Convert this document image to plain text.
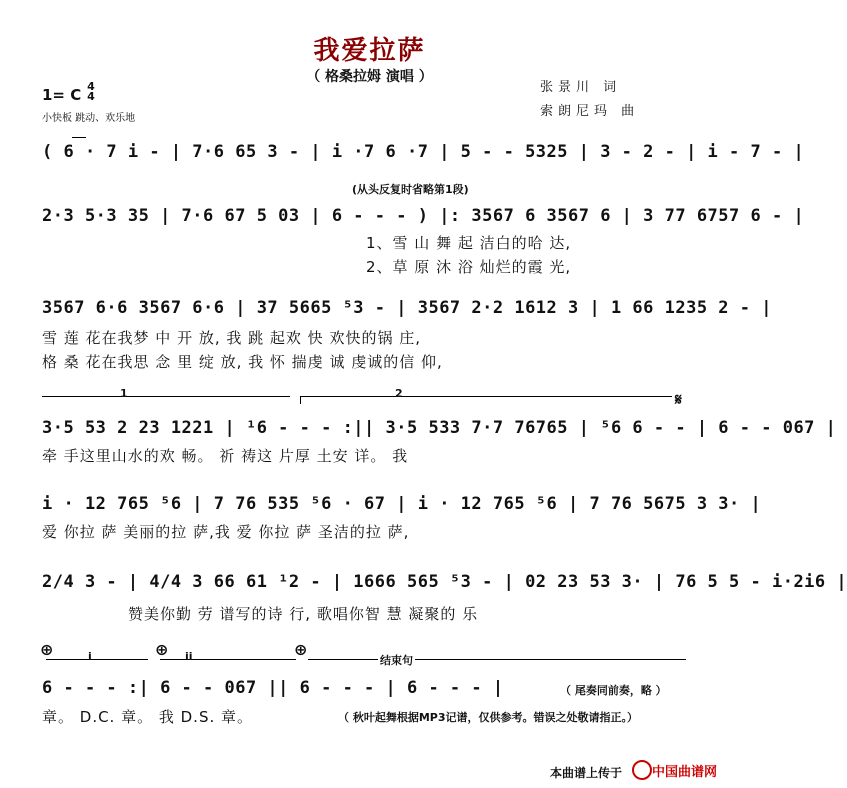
我爱拉萨
（ 格桑拉姆 演唱 ）
1= C 4
4
小快板 跳动、欢乐地
张景川 词
索朗尼玛 曲
( 6 · 7 i - | 7·6 65 3 - | i ·7 6 ·7 | 5 - - 5325 | 3 - 2 - | i - 7 - |
(从头反复时省略第1段)
2·3 5·3 35 | 7·6 67 5 03 | 6 - - - ) |: 3567 6 3567 6 | 3 77 6757 6 - |
1、雪 山 舞 起 洁白的哈 达,
2、草 原 沐 浴 灿烂的霞 光,
3567 6·6 3567 6·6 | 37 5665 ⁵3 - | 3567 2·2 1612 3 | 1 66 1235 2 - |
雪 莲 花在我梦 中 开 放, 我 跳 起欢 快 欢快的锅 庄,
格 桑 花在我思 念 里 绽 放, 我 怀 揣虔 诚 虔诚的信 仰,
1	2	𝄋
3·5 53 2 23 1221 | ¹6 - - - :|| 3·5 533 7·7 76765 | ⁵6 6 - - | 6 - - 067 |
牵 手这里山水的欢 畅。 祈 祷这 片厚 土安 详。 我
i · 12 765 ⁵6 | 7 76 535 ⁵6 · 67 | i · 12 765 ⁵6 | 7 76 5675 3 3· |
爱 你拉 萨 美丽的拉 萨,我 爱 你拉 萨 圣洁的拉 萨,
2/4 3 - | 4/4 3 66 61 ¹2 - | 1666 565 ⁵3 - | 02 23 53 3· | 76 5 5 - i·2i6 |
赞美你勤 劳 谱写的诗 行, 歌唱你智 慧 凝聚的 乐
⊕	i	⊕ ii	⊕
结束句
6 - - - :| 6 - - 067 || 6 - - - | 6 - - - |	（ 尾奏同前奏，略 ）
章。 D.C. 章。 我 D.S. 章。	（ 秋叶起舞根据MP3记谱，仅供参考。错误之处敬请指正。）
本曲谱上传于 中国曲谱网
